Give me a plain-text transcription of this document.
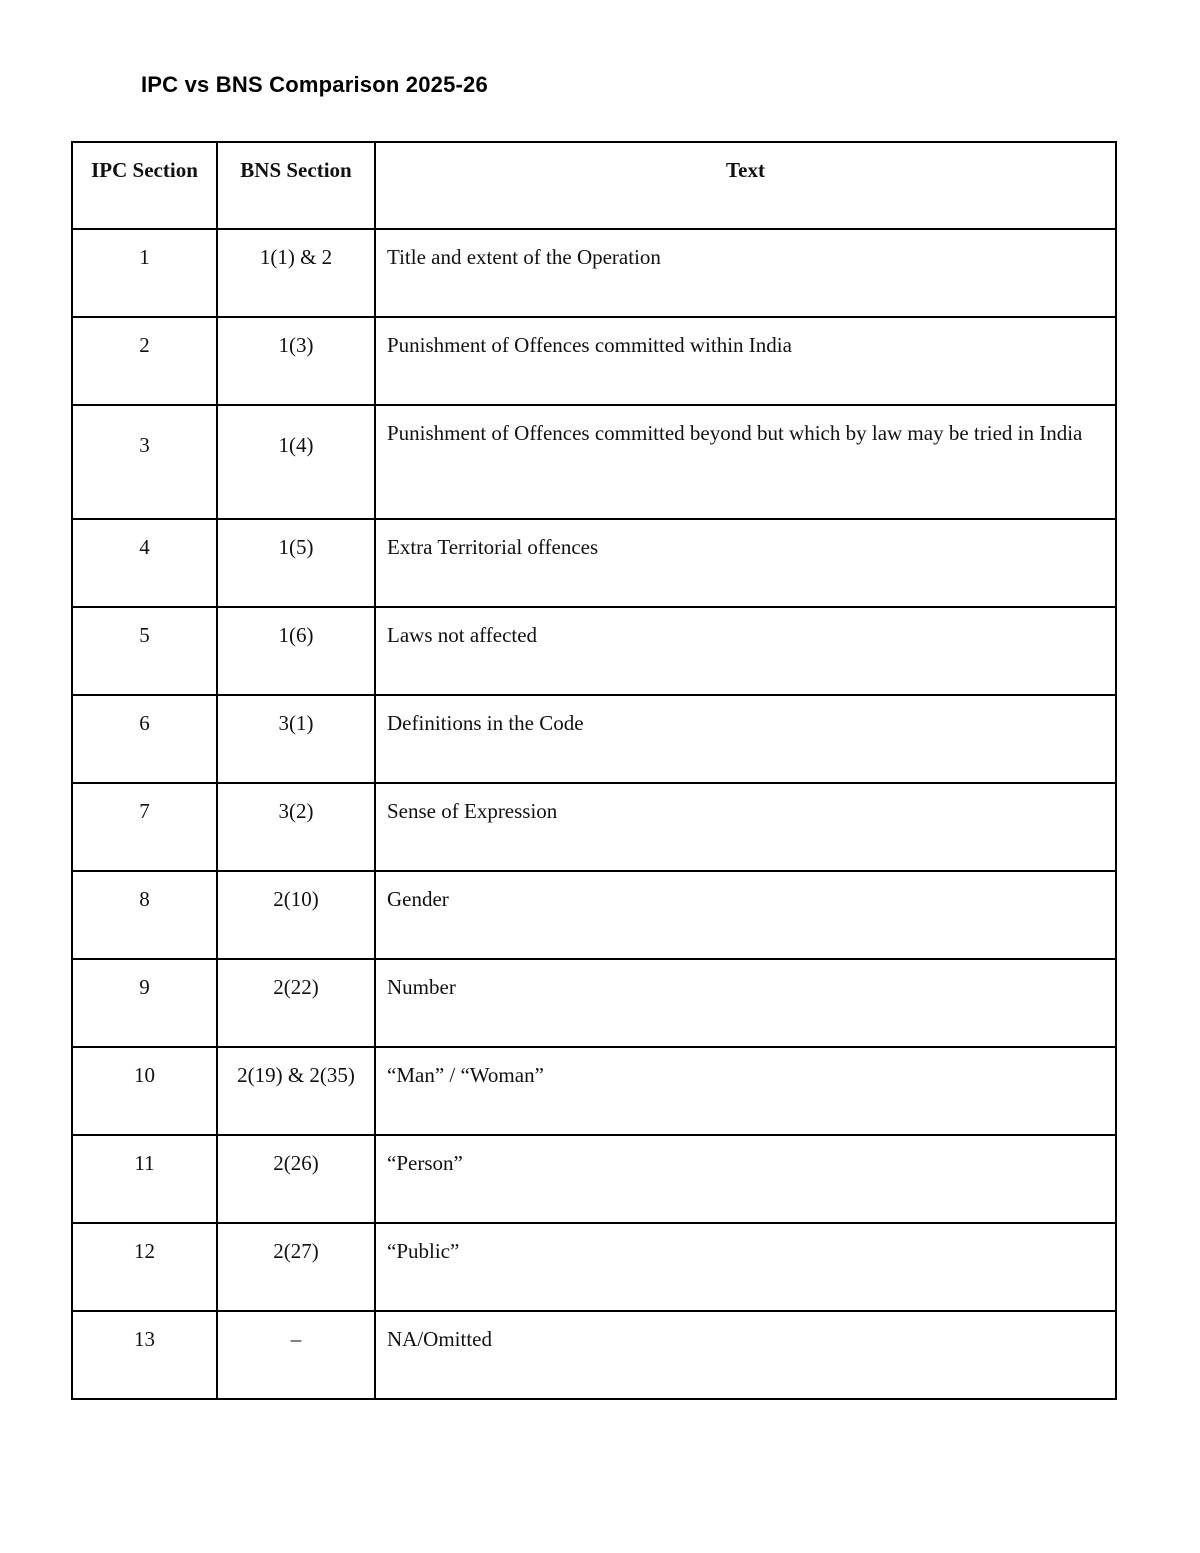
IPC vs BNS Comparison 2025-26
IPC Section	BNS Section	Text
1	1(1) & 2	Title and extent of the Operation
2	1(3)	Punishment of Offences committed within India
3	1(4)	Punishment of Offences committed beyond but which by law may be tried in India
4	1(5)	Extra Territorial offences
5	1(6)	Laws not affected
6	3(1)	Definitions in the Code
7	3(2)	Sense of Expression
8	2(10)	Gender
9	2(22)	Number
10	2(19) & 2(35)	“Man” / “Woman”
11	2(26)	“Person”
12	2(27)	“Public”
13	–	NA/Omitted
